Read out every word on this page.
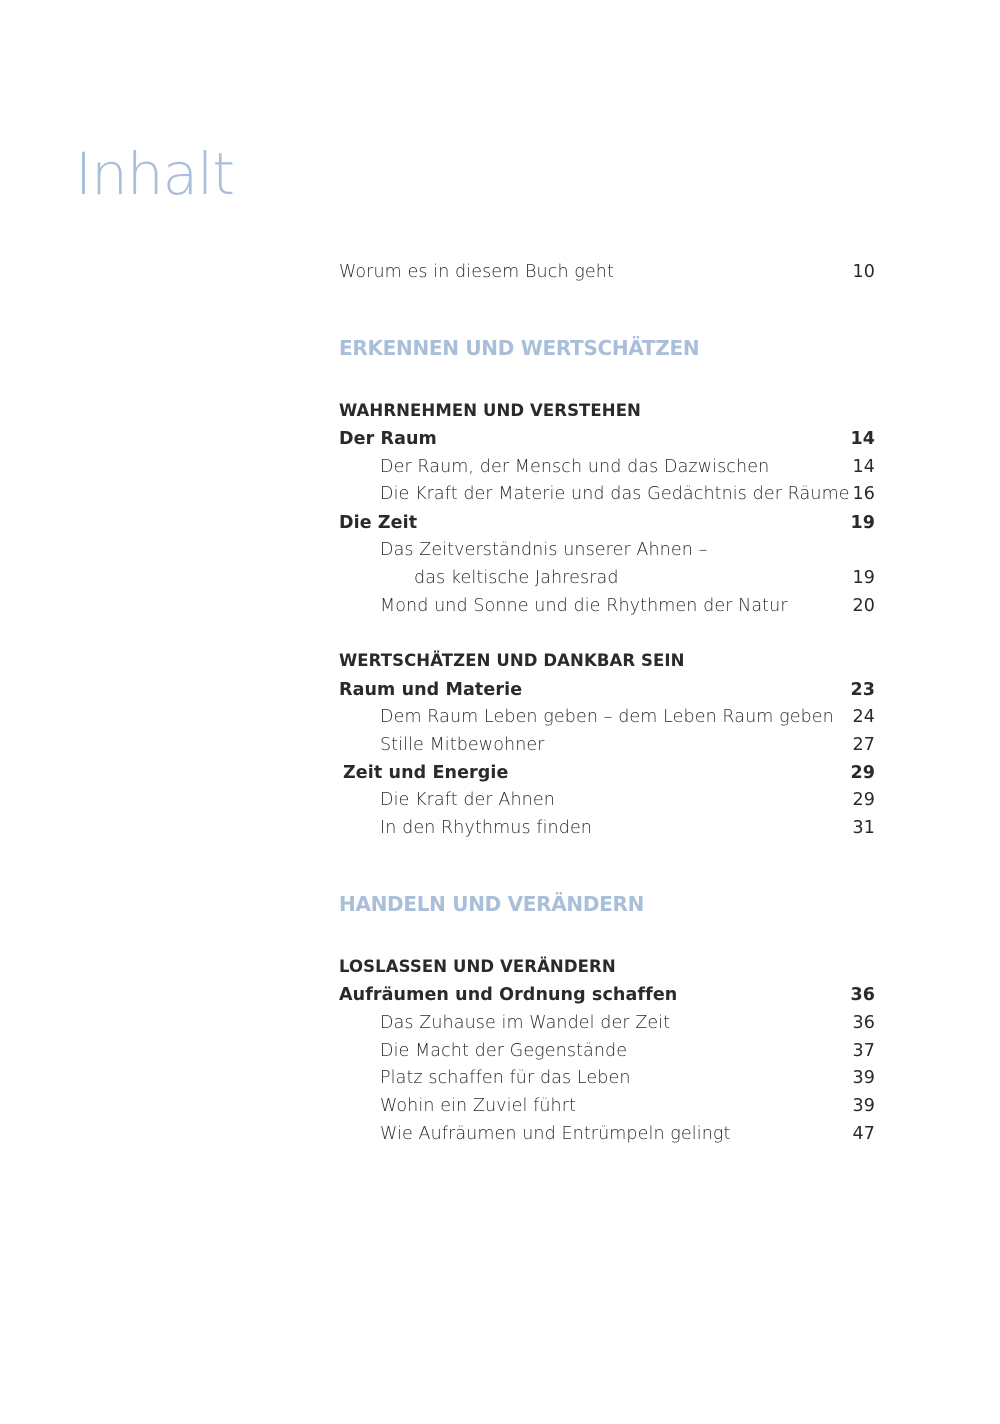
Inhalt
Worum es in diesem Buch geht	10
ERKENNEN UND WERTSCHÄTZEN
WAHRNEHMEN UND VERSTEHEN
Der Raum	14
Der Raum, der Mensch und das Dazwischen	14
Die Kraft der Materie und das Gedächtnis der Räume 16
Die Zeit	19
Das Zeitverständnis unserer Ahnen –
das keltische Jahresrad	19
Mond und Sonne und die Rhythmen der Natur	20
WERTSCHÄTZEN UND DANKBAR SEIN
Raum und Materie	23
Dem Raum Leben geben – dem Leben Raum geben 24
Stille Mitbewohner	27
Zeit und Energie	29
Die Kraft der Ahnen	29
In den Rhythmus finden	31
HANDELN UND VERÄNDERN
LOSLASSEN UND VERÄNDERN
Aufräumen und Ordnung schaffen	36
Das Zuhause im Wandel der Zeit	36
Die Macht der Gegenstände	37
Platz schaffen für das Leben	39
Wohin ein Zuviel führt	39
Wie Aufräumen und Entrümpeln gelingt	47
